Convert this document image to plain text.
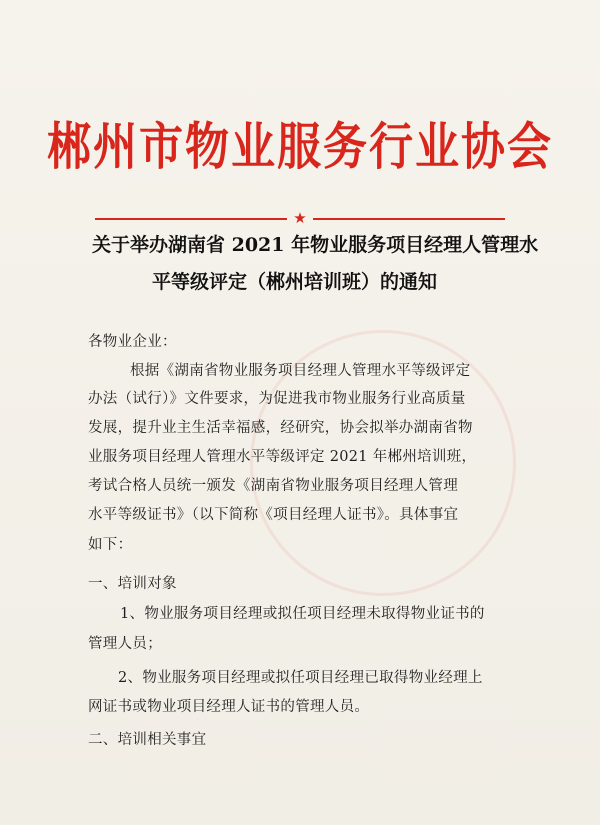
郴州市物业服务行业协会
★
关于举办湖南省 2021 年物业服务项目经理人管理水
平等级评定（郴州培训班）的通知
各物业企业：
根据《湖南省物业服务项目经理人管理水平等级评定
办法（试行）》文件要求，为促进我市物业服务行业高质量
发展，提升业主生活幸福感，经研究，协会拟举办湖南省物
业服务项目经理人管理水平等级评定 2021 年郴州培训班，
考试合格人员统一颁发《湖南省物业服务项目经理人管理
水平等级证书》（以下简称《项目经理人证书》。具体事宜
如下：
一、培训对象
1、物业服务项目经理或拟任项目经理未取得物业证书的
管理人员；
2、物业服务项目经理或拟任项目经理已取得物业经理上
网证书或物业项目经理人证书的管理人员。
二、培训相关事宜
